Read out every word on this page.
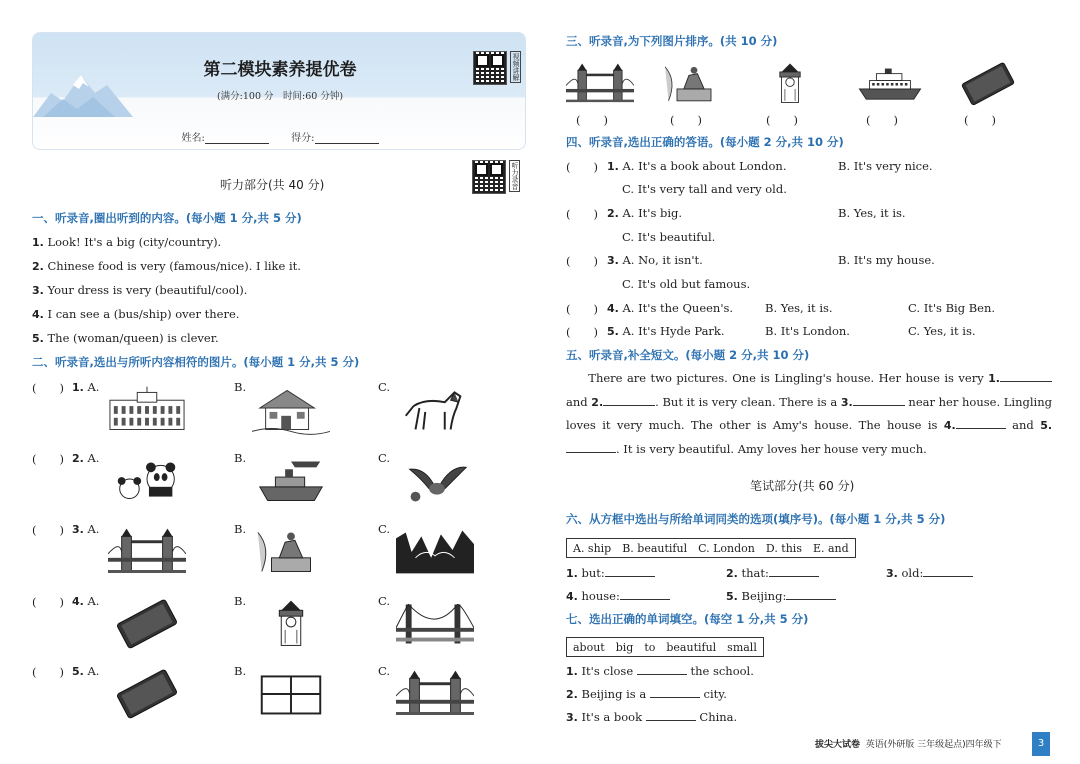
第二模块素养提优卷
(满分:100 分　时间:60 分钟)
姓名:	得分:
视频讲解
听力录音
听力部分(共 40 分)
一、听录音,圈出听到的内容。(每小题 1 分,共 5 分)
1. Look! It's a big (city/country).
2. Chinese food is very (famous/nice). I like it.
3. Your dress is very (beautiful/cool).
4. I can see a (bus/ship) over there.
5. The (woman/queen) is clever.
二、听录音,选出与所听内容相符的图片。(每小题 1 分,共 5 分)
(　　) 1. A.	B.	C.
(　　) 2. A.	B.	C.
(　　) 3. A.	B.	C.
(　　) 4. A.	B.	C.
(　　) 5. A.	B.	C.
三、听录音,为下列图片排序。(共 10 分)
(　　)	(　　)	(　　)	(　　)	(　　)
四、听录音,选出正确的答语。(每小题 2 分,共 10 分)
(　　) 1. A. It's a book about London.	B. It's very nice.
C. It's very tall and very old.
(　　) 2. A. It's big.	B. Yes, it is.
C. It's beautiful.
(　　) 3. A. No, it isn't.	B. It's my house.
C. It's old but famous.
(　　) 4. A. It's the Queen's.	B. Yes, it is.	C. It's Big Ben.
(　　) 5. A. It's Hyde Park.	B. It's London.	C. Yes, it is.
五、听录音,补全短文。(每小题 2 分,共 10 分)
There are two pictures. One is Lingling's house. Her house is very 1. and 2.	. But it is very clean. There is a 3.	near her house. Lingling loves it very much. The other is Amy's house. The house is 4.	and 5.. It is very beautiful. Amy loves her house very much.
笔试部分(共 60 分)
六、从方框中选出与所给单词同类的选项(填序号)。(每小题 1 分,共 5 分)
A. ship　B. beautiful　C. London　D. this　E. and
1. but:	2. that:	3. old:
4. house:	5. Beijing:
七、选出正确的单词填空。(每空 1 分,共 5 分)
about　big　to　beautiful　small
1. It's close	the school.
2. Beijing is a	city.
3. It's a book	China.
拔尖大试卷 英语(外研版 三年级起点)四年级下	3
